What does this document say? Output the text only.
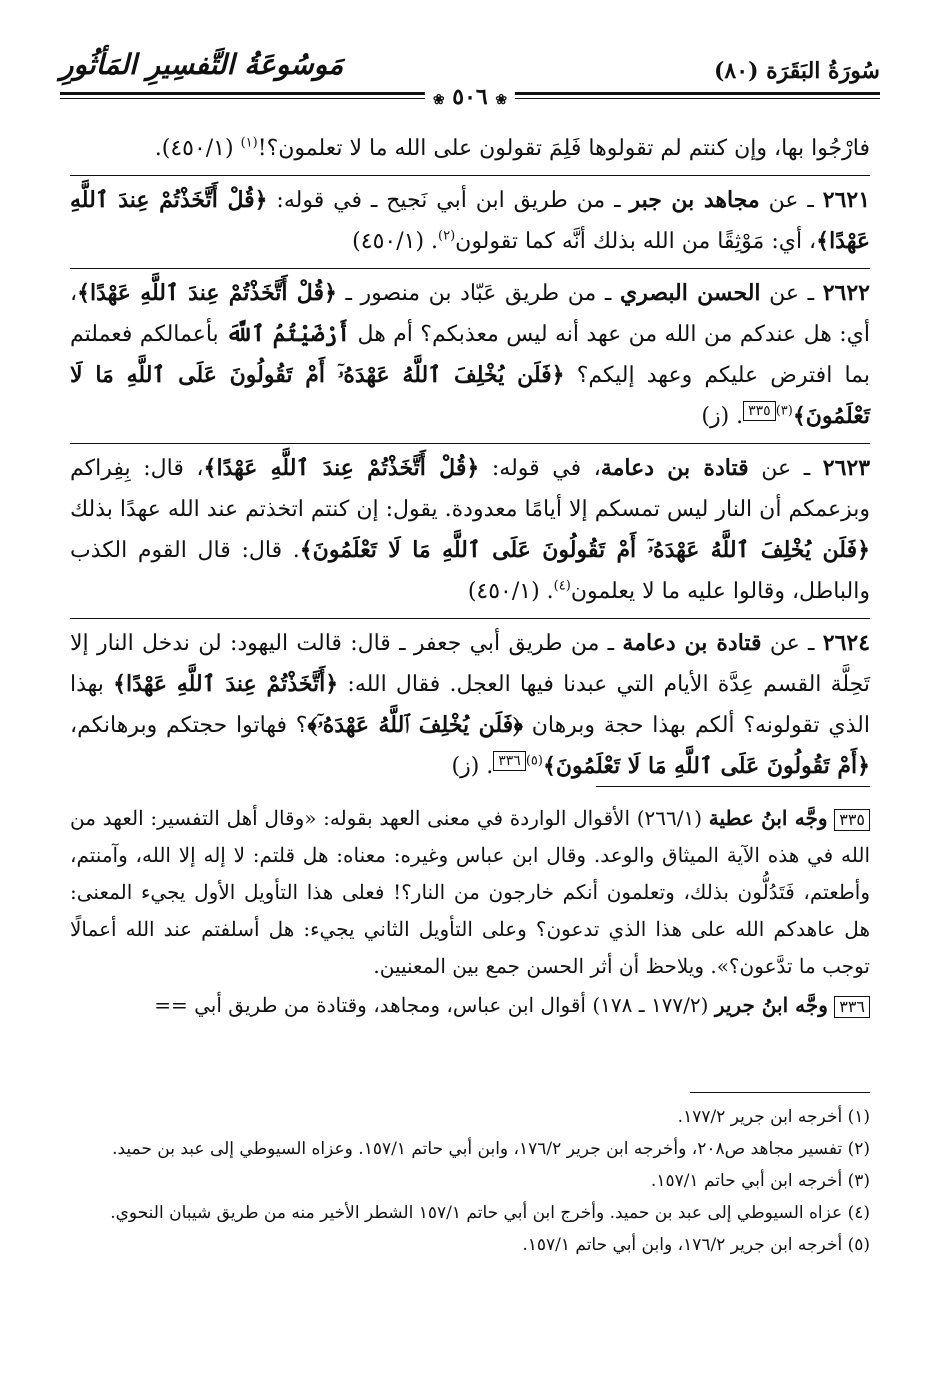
مَوسُوعَةُ التَّفسِيرِ المَأثُورِ	سُورَةُ البَقَرَة (٨٠)
❀ ٥٠٦ ❀

فارْجُوا بها، وإن كنتم لم تقولوها فَلِمَ تقولون على الله ما لا تعلمون؟!$^{(١)}$ (٤٥٠/١).

٢٦٢١ ـ عن مجاهد بن جبر ـ من طريق ابن أبي نَجيح ـ في قوله: ﴿قُلْ أَتَّخَذْتُمْ عِندَ ٱللَّهِ عَهْدًا﴾، أي: مَوْثِقًا من الله بذلك أنَّه كما تقولون$^{(٢)}$. (٤٥٠/١)

٢٦٢٢ ـ عن الحسن البصري ـ من طريق عَبّاد بن منصور ـ ﴿قُلْ أَتَّخَذْتُمْ عِندَ ٱللَّهِ عَهْدًا﴾، أي: هل عندكم من الله من عهد أنه ليس معذبكم؟ أم هل أَرْضَيْتُمُ ٱللَّهَ بأعمالكم فعملتم بما افترض عليكم وعهد إليكم؟ ﴿فَلَن يُخْلِفَ ٱللَّهُ عَهْدَهُۥٓ أَمْ تَقُولُونَ عَلَى ٱللَّهِ مَا لَا تَعْلَمُونَ﴾$^{(٣)}$٣٣٥. (ز)

٢٦٢٣ ـ عن قتادة بن دعامة، في قوله: ﴿قُلْ أَتَّخَذْتُمْ عِندَ ٱللَّهِ عَهْدًا﴾، قال: بِفِراكم وبزعمكم أن النار ليس تمسكم إلا أيامًا معدودة. يقول: إن كنتم اتخذتم عند الله عهدًا بذلك ﴿فَلَن يُخْلِفَ ٱللَّهُ عَهْدَهُۥٓ أَمْ تَقُولُونَ عَلَى ٱللَّهِ مَا لَا تَعْلَمُونَ﴾. قال: قال القوم الكذب والباطل، وقالوا عليه ما لا يعلمون$^{(٤)}$. (٤٥٠/١)

٢٦٢٤ ـ عن قتادة بن دعامة ـ من طريق أبي جعفر ـ قال: قالت اليهود: لن ندخل النار إلا تَحِلَّة القسم عِدَّة الأيام التي عبدنا فيها العجل. فقال الله: ﴿أَتَّخَذْتُمْ عِندَ ٱللَّهِ عَهْدًا﴾ بهذا الذي تقولونه؟ ألكم بهذا حجة وبرهان ﴿فَلَن يُخْلِفَ ٱللَّهُ عَهْدَهُۥٓ﴾؟ فهاتوا حجتكم وبرهانكم، ﴿أَمْ تَقُولُونَ عَلَى ٱللَّهِ مَا لَا تَعْلَمُونَ﴾$^{(٥)}$٣٣٦. (ز)

٣٣٥ وجَّه ابنُ عطية (٢٦٦/١) الأقوال الواردة في معنى العهد بقوله: «وقال أهل التفسير: العهد من الله في هذه الآية الميثاق والوعد. وقال ابن عباس وغيره: معناه: هل قلتم: لا إله إلا الله، وآمنتم، وأطعتم، فَتَدُلُّون بذلك، وتعلمون أنكم خارجون من النار؟! فعلى هذا التأويل الأول يجيء المعنى: هل عاهدكم الله على هذا الذي تدعون؟ وعلى التأويل الثاني يجيء: هل أسلفتم عند الله أعمالًا توجب ما تدَّعون؟». ويلاحظ أن أثر الحسن جمع بين المعنيين.

٣٣٦ وجَّه ابنُ جرير (١٧٧/٢ ـ ١٧٨) أقوال ابن عباس، ومجاهد، وقتادة من طريق أبي ==

(١) أخرجه ابن جرير ١٧٧/٢.

(٢) تفسير مجاهد ص٢٠٨، وأخرجه ابن جرير ١٧٦/٢، وابن أبي حاتم ١٥٧/١. وعزاه السيوطي إلى عبد بن حميد.

(٣) أخرجه ابن أبي حاتم ١٥٧/١.

(٤) عزاه السيوطي إلى عبد بن حميد. وأخرج ابن أبي حاتم ١٥٧/١ الشطر الأخير منه من طريق شيبان النحوي.

(٥) أخرجه ابن جرير ١٧٦/٢، وابن أبي حاتم ١٥٧/١.
